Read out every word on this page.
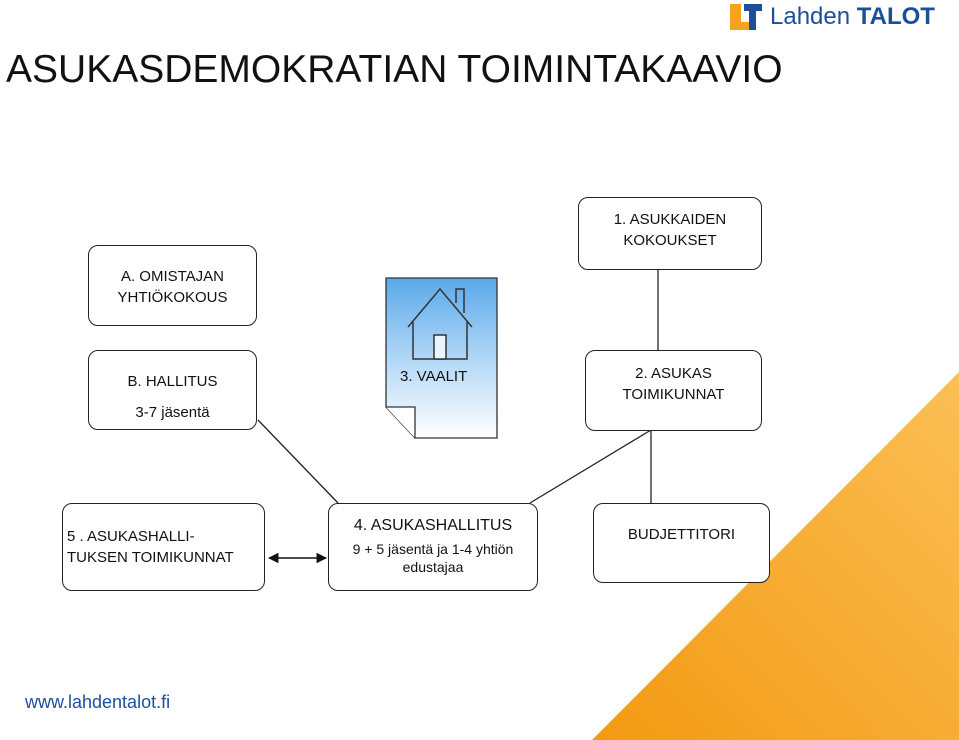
Lahden TALOT
ASUKASDEMOKRATIAN TOIMINTAKAAVIO
A. OMISTAJAN
YHTIÖKOKOUS
B. HALLITUS
3-7 jäsentä
1. ASUKKAIDEN
KOKOUKSET
2. ASUKAS
TOIMIKUNNAT
5 . ASUKASHALLI-
TUKSEN TOIMIKUNNAT
4. ASUKASHALLITUS
9 + 5 jäsentä ja 1-4 yhtiön
edustajaa
BUDJETTITORI
3. VAALIT
www.lahdentalot.fi
